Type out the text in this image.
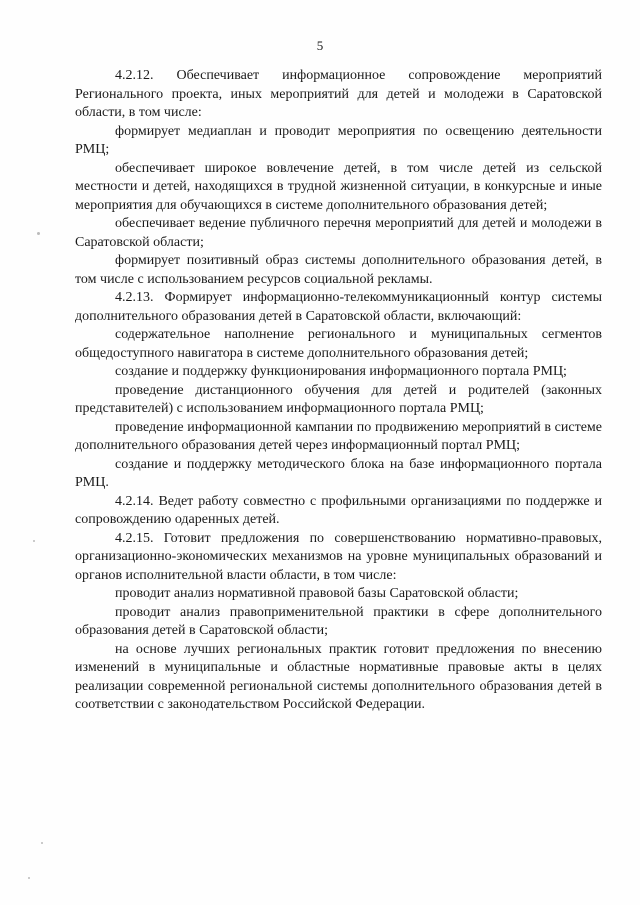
5

4.2.12. Обеспечивает информационное сопровождение мероприятий Регионального проекта, иных мероприятий для детей и молодежи в Саратовской области, в том числе:

формирует медиаплан и проводит мероприятия по освещению деятельности РМЦ;

обеспечивает широкое вовлечение детей, в том числе детей из сельской местности и детей, находящихся в трудной жизненной ситуации, в конкурсные и иные мероприятия для обучающихся в системе дополнительного образования детей;

обеспечивает ведение публичного перечня мероприятий для детей и молодежи в Саратовской области;

формирует позитивный образ системы дополнительного образования детей, в том числе с использованием ресурсов социальной рекламы.

4.2.13. Формирует информационно-телекоммуникационный контур системы дополнительного образования детей в Саратовской области, включающий:

содержательное наполнение регионального и муниципальных сегментов общедоступного навигатора в системе дополнительного образования детей;

создание и поддержку функционирования информационного портала РМЦ;

проведение дистанционного обучения для детей и родителей (законных представителей) с использованием информационного портала РМЦ;

проведение информационной кампании по продвижению мероприятий в системе дополнительного образования детей через информационный портал РМЦ;

создание и поддержку методического блока на базе информационного портала РМЦ.

4.2.14. Ведет работу совместно с профильными организациями по поддержке и сопровождению одаренных детей.

4.2.15. Готовит предложения по совершенствованию нормативно-правовых, организационно-экономических механизмов на уровне муниципальных образований и органов исполнительной власти области, в том числе:

проводит анализ нормативной правовой базы Саратовской области;

проводит анализ правоприменительной практики в сфере дополнительного образования детей в Саратовской области;

на основе лучших региональных практик готовит предложения по внесению изменений в муниципальные и областные нормативные правовые акты в целях реализации современной региональной системы дополнительного образования детей в соответствии с законодательством Российской Федерации.
